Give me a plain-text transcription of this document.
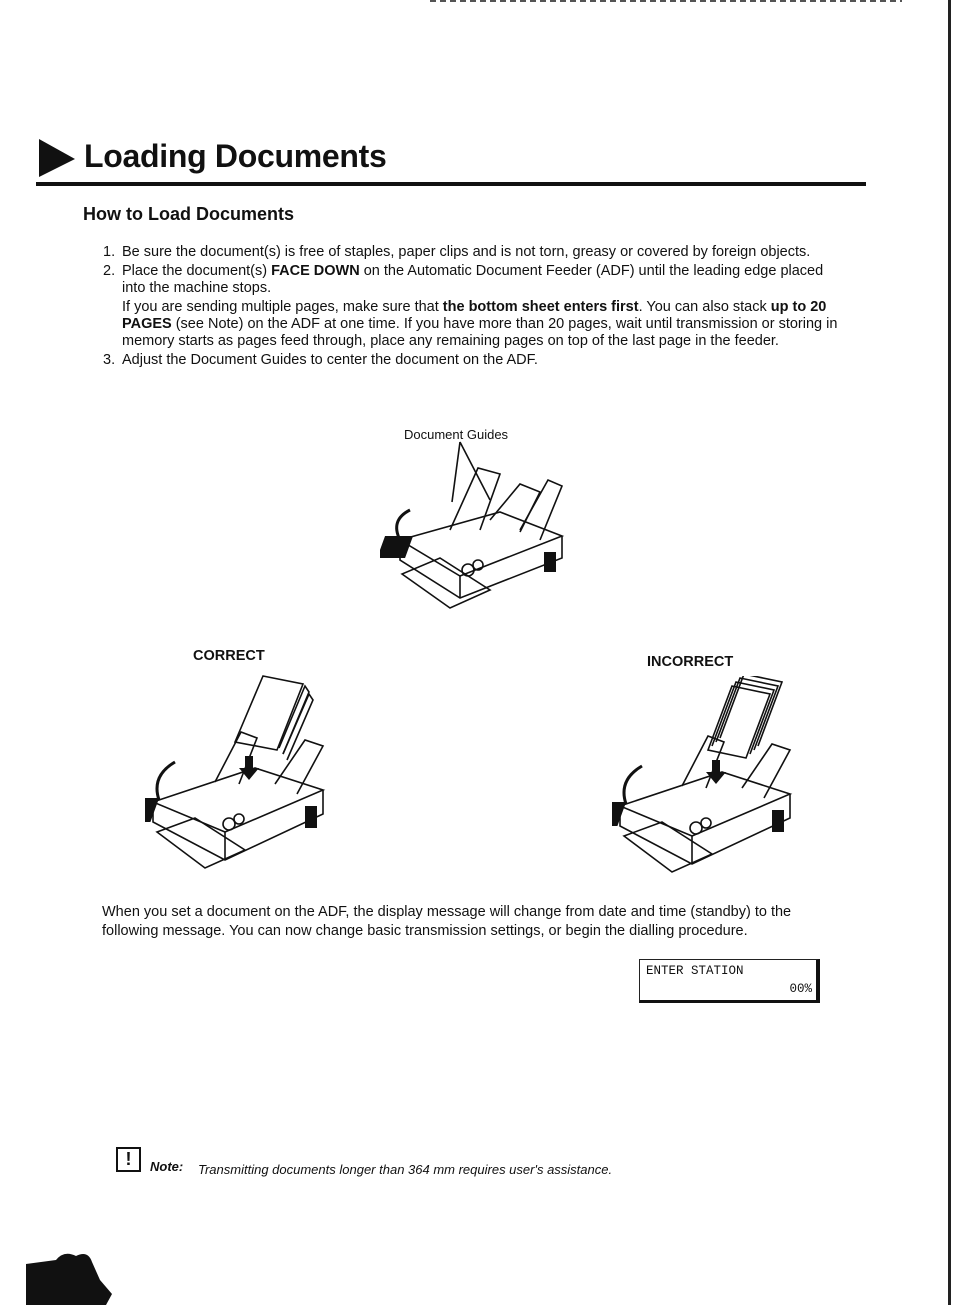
Loading Documents
How to Load Documents
1. Be sure the document(s) is free of staples, paper clips and is not torn, greasy or covered by foreign objects.

2. Place the document(s) FACE DOWN on the Automatic Document Feeder (ADF) until the leading edge placed into the machine stops.

If you are sending multiple pages, make sure that the bottom sheet enters first. You can also stack up to 20 PAGES (see Note) on the ADF at one time. If you have more than 20 pages, wait until transmission or storing in memory starts as pages feed through, place any remaining pages on top of the last page in the feeder.

3. Adjust the Document Guides to center the document on the ADF.

Document Guides
CORRECT	INCORRECT

When you set a document on the ADF, the display message will change from date and time (standby) to the following message. You can now change basic transmission settings, or begin the dialling procedure.

ENTER STATION
00%
!	Note: Transmitting documents longer than 364 mm requires user's assistance.
